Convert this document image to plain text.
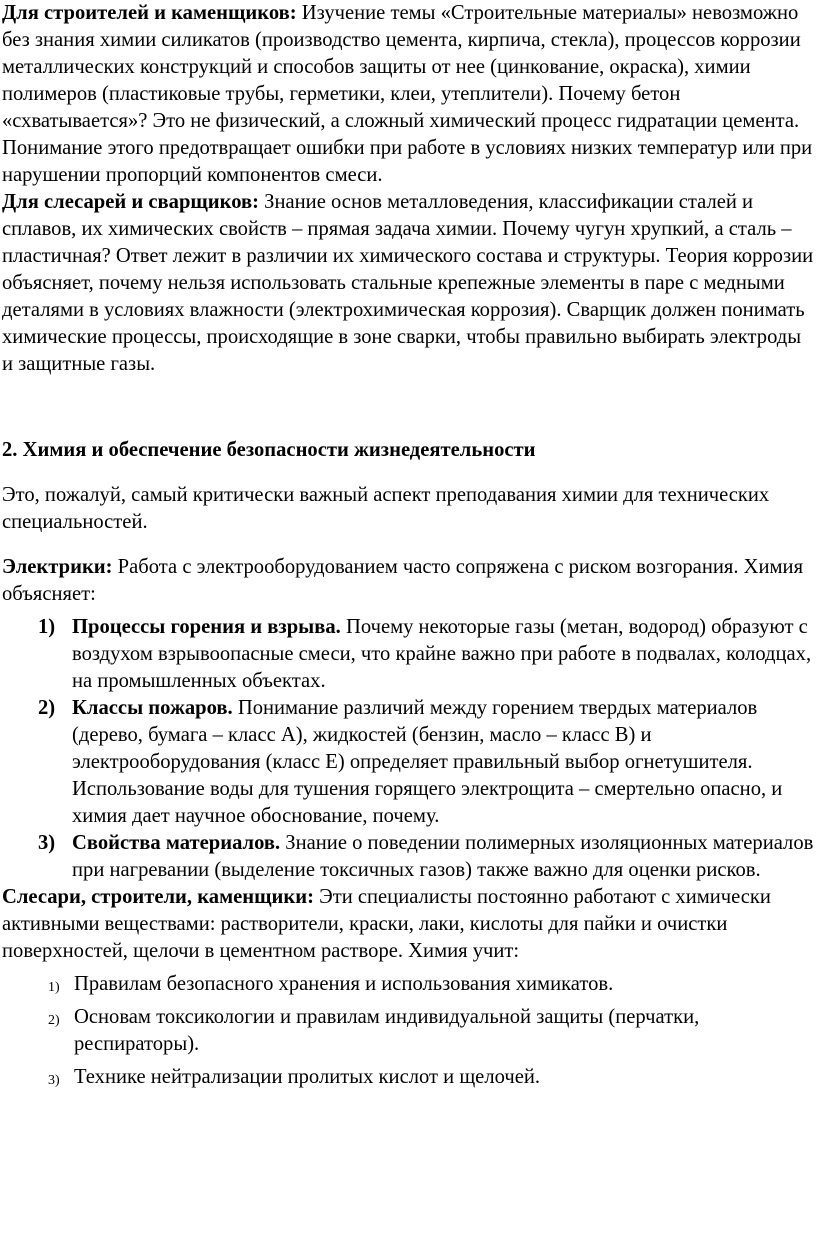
Для строителей и каменщиков: Изучение темы «Строительные материалы» невозможно без знания химии силикатов (производство цемента, кирпича, стекла), процессов коррозии металлических конструкций и способов защиты от нее (цинкование, окраска), химии полимеров (пластиковые трубы, герметики, клеи, утеплители). Почему бетон «схватывается»? Это не физический, а сложный химический процесс гидратации цемента. Понимание этого предотвращает ошибки при работе в условиях низких температур или при нарушении пропорций компонентов смеси.

Для слесарей и сварщиков: Знание основ металловедения, классификации сталей и сплавов, их химических свойств – прямая задача химии. Почему чугун хрупкий, а сталь – пластичная? Ответ лежит в различии их химического состава и структуры. Теория коррозии объясняет, почему нельзя использовать стальные крепежные элементы в паре с медными деталями в условиях влажности (электрохимическая коррозия). Сварщик должен понимать химические процессы, происходящие в зоне сварки, чтобы правильно выбирать электроды и защитные газы.

2. Химия и обеспечение безопасности жизнедеятельности

Это, пожалуй, самый критически важный аспект преподавания химии для технических специальностей.

Электрики: Работа с электрооборудованием часто сопряжена с риском возгорания. Химия объясняет:

1) Процессы горения и взрыва. Почему некоторые газы (метан, водород) образуют с воздухом взрывоопасные смеси, что крайне важно при работе в подвалах, колодцах, на промышленных объектах.
2) Классы пожаров. Понимание различий между горением твердых материалов (дерево, бумага – класс A), жидкостей (бензин, масло – класс B) и электрооборудования (класс E) определяет правильный выбор огнетушителя. Использование воды для тушения горящего электрощита – смертельно опасно, и химия дает научное обоснование, почему.
3) Свойства материалов. Знание о поведении полимерных изоляционных материалов при нагревании (выделение токсичных газов) также важно для оценки рисков.

Слесари, строители, каменщики: Эти специалисты постоянно работают с химически активными веществами: растворители, краски, лаки, кислоты для пайки и очистки поверхностей, щелочи в цементном растворе. Химия учит:

1) Правилам безопасного хранения и использования химикатов.
2) Основам токсикологии и правилам индивидуальной защиты (перчатки, респираторы).
3) Технике нейтрализации пролитых кислот и щелочей.
